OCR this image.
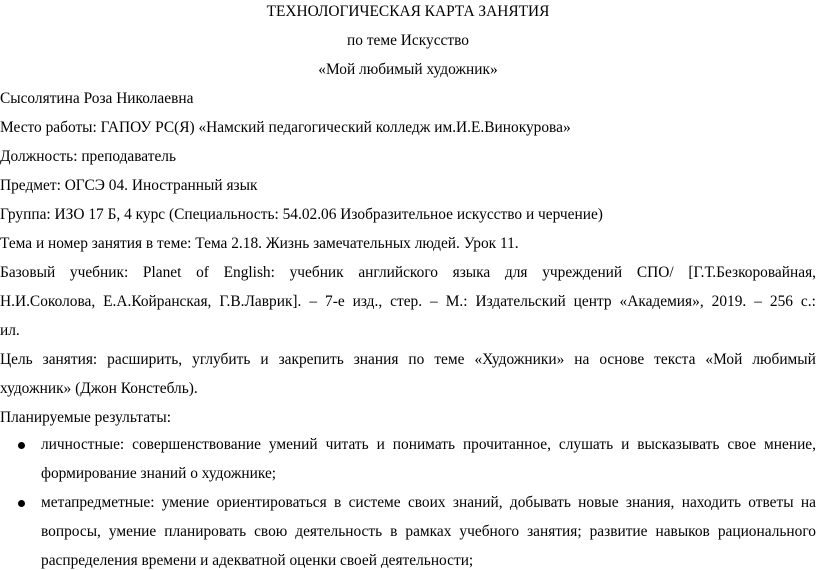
ТЕХНОЛОГИЧЕСКАЯ КАРТА ЗАНЯТИЯ
по теме Искусство
«Мой любимый художник»
Сысолятина Роза Николаевна
Место работы: ГАПОУ РС(Я) «Намский педагогический колледж им.И.Е.Винокурова»
Должность: преподаватель
Предмет: ОГСЭ 04. Иностранный язык
Группа: ИЗО 17 Б, 4 курс (Специальность: 54.02.06 Изобразительное искусство и черчение)
Тема и номер занятия в теме: Тема 2.18. Жизнь замечательных людей. Урок 11.
Базовый учебник: Planet of English: учебник английского языка для учреждений СПО/ [Г.Т.Безкоровайная,
Н.И.Соколова, Е.А.Койранская, Г.В.Лаврик]. – 7-е изд., стер. – М.: Издательский центр «Академия», 2019. – 256 с.:
ил.
Цель занятия: расширить, углубить и закрепить знания по теме «Художники» на основе текста «Мой любимый
художник» (Джон Констебль).
Планируемые результаты:
личностные: совершенствование умений читать и понимать прочитанное, слушать и высказывать свое мнение,
формирование знаний о художнике;
метапредметные: умение ориентироваться в системе своих знаний, добывать новые знания, находить ответы на
вопросы, умение планировать свою деятельность в рамках учебного занятия; развитие навыков рационального
распределения времени и адекватной оценки своей деятельности;
